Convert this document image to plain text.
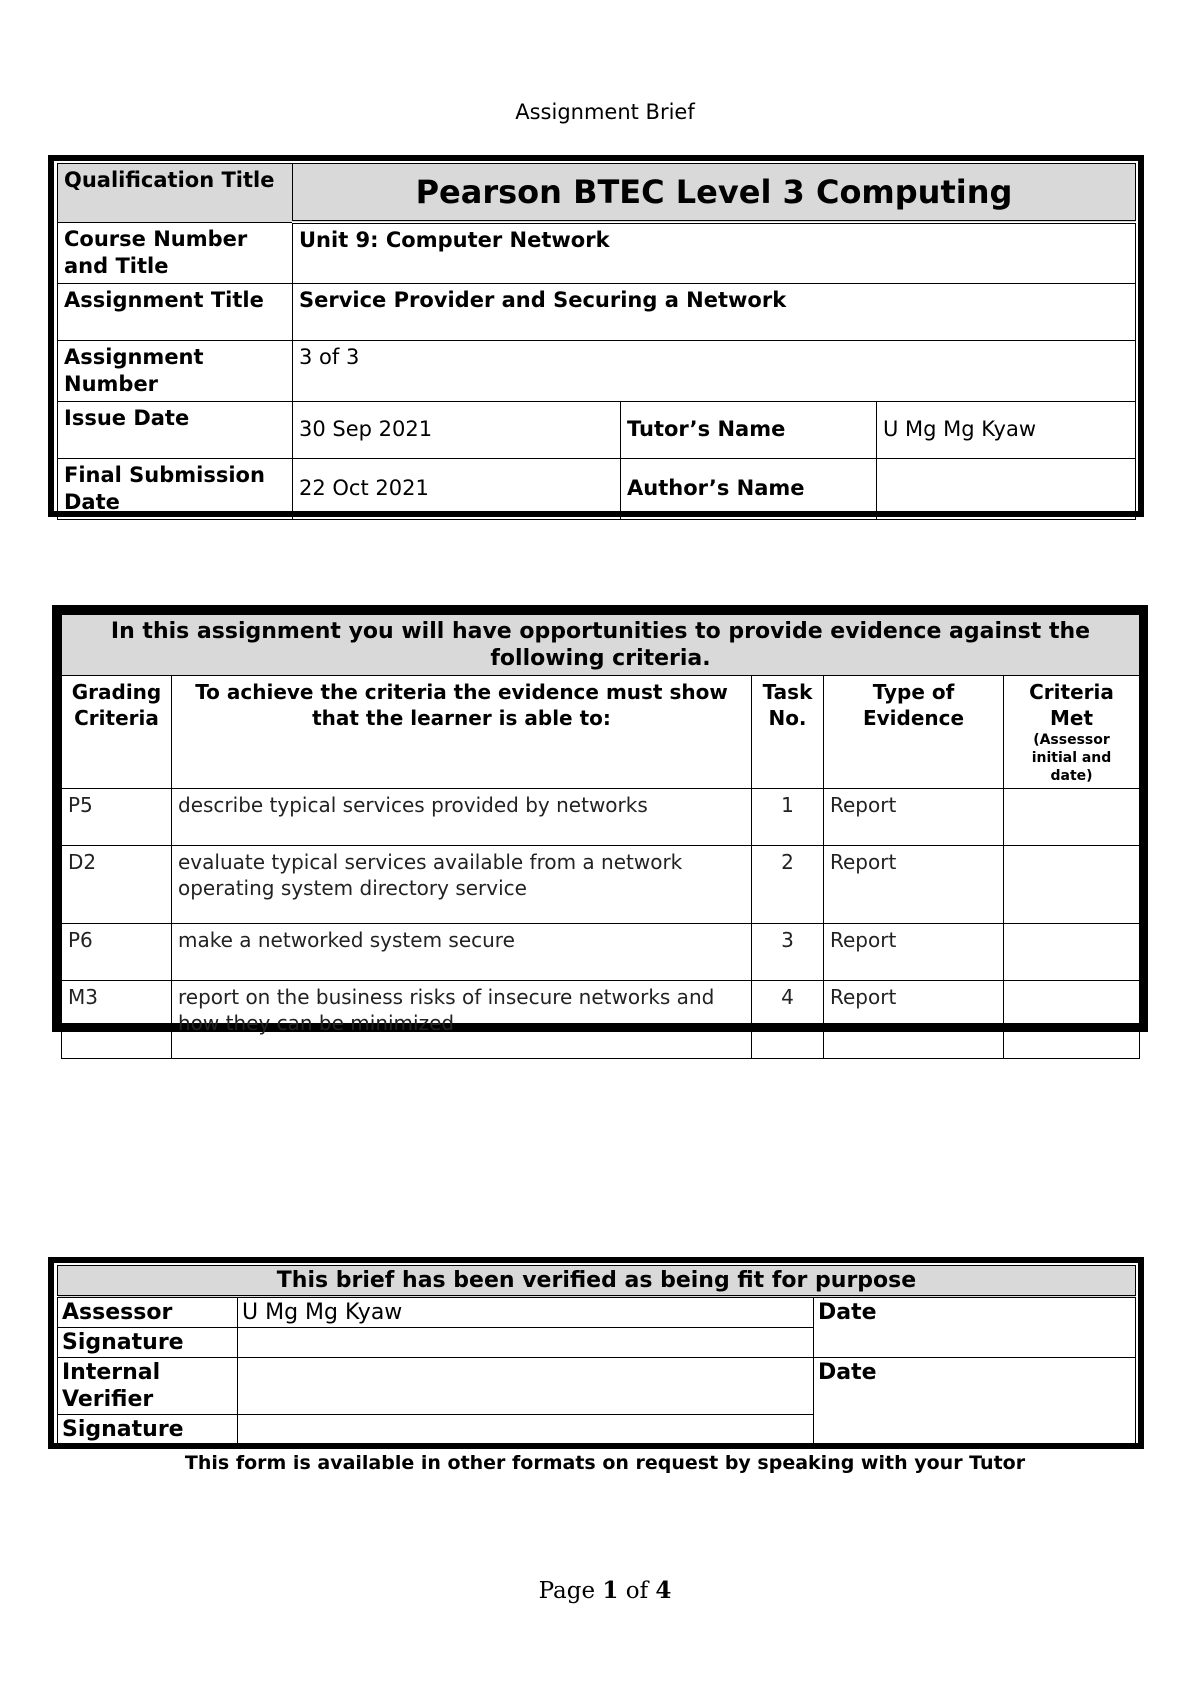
Assignment Brief
Qualification Title	Pearson BTEC Level 3 Computing		
Course Number and Title	Unit 9: Computer Network		
Assignment Title	Service Provider and Securing a Network		
Assignment Number	3 of 3		
Issue Date	30 Sep 2021	Tutor’s Name	U Mg Mg Kyaw
Final Submission Date	22 Oct 2021	Author’s Name	
In this assignment you will have opportunities to provide evidence against the following criteria.				
Grading Criteria	To achieve the criteria the evidence must show that the learner is able to:	Task No.	Type of Evidence	Criteria Met
(Assessor initial and date)

P5	describe typical services provided by networks	1	Report	
D2	evaluate typical services available from a network
operating system directory service	2	Report	
P6	make a networked system secure	3	Report	
M3	report on the business risks of insecure networks and
how they can be minimized	4	Report	
This brief has been verified as being fit for purpose		
Assessor	U Mg Mg Kyaw	Date
Signature		
Internal Verifier		Date
Signature		
This form is available in other formats on request by speaking with your Tutor
Page 1 of 4
